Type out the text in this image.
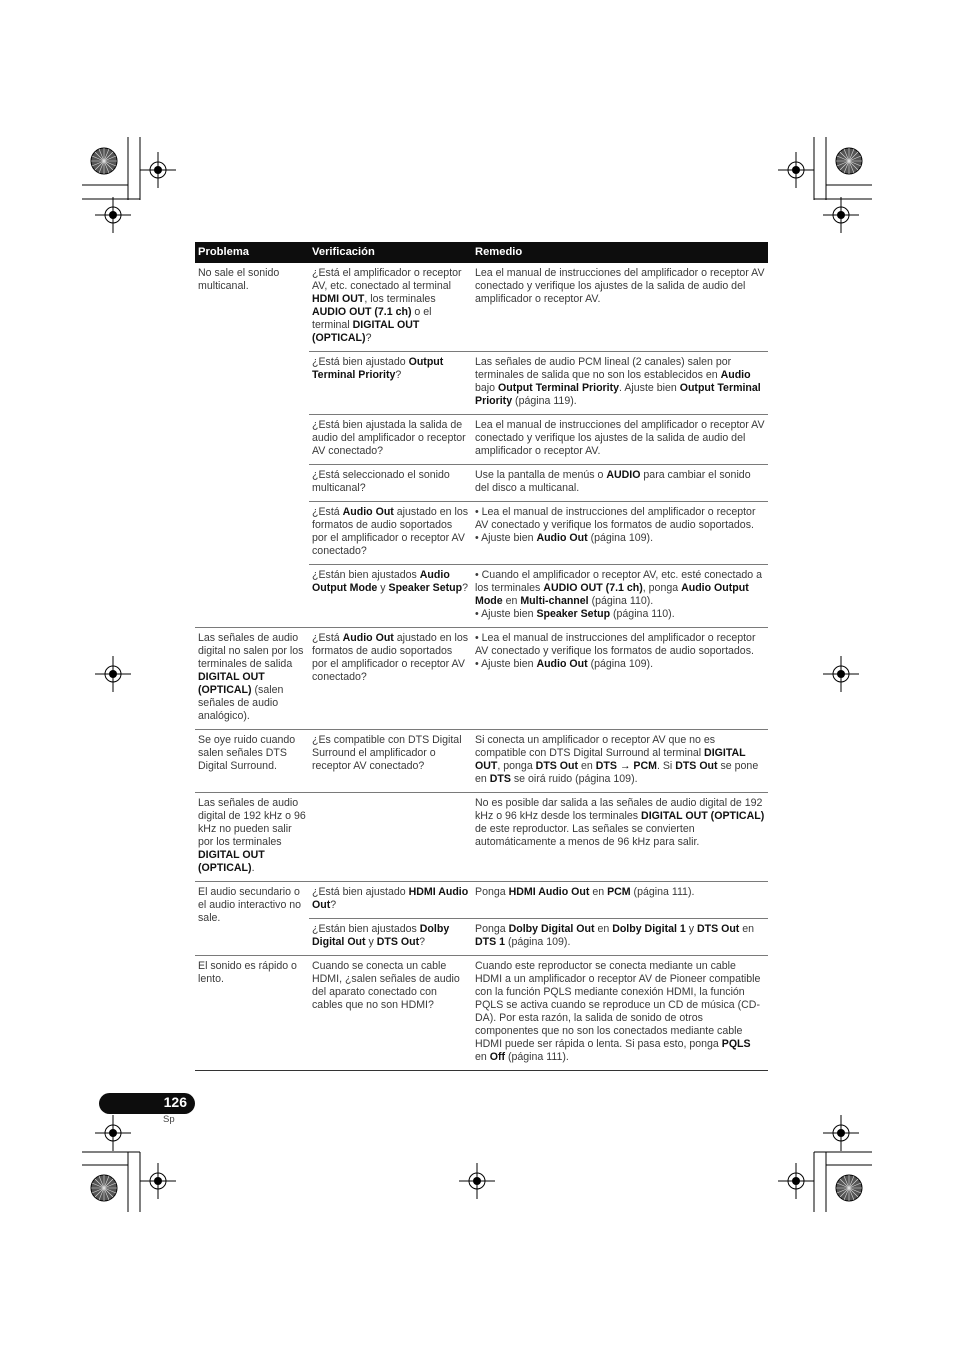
Problema	Verificación	Remedio
No sale el sonido multicanal.	¿Está el amplificador o receptor AV, etc. conectado al terminal HDMI OUT, los terminales AUDIO OUT (7.1 ch) o el terminal DIGITAL OUT (OPTICAL)?	Lea el manual de instrucciones del amplificador o receptor AV conectado y verifique los ajustes de la salida de audio del amplificador o receptor AV.
	¿Está bien ajustado Output Terminal Priority?	Las señales de audio PCM lineal (2 canales) salen por terminales de salida que no son los establecidos en Audio bajo Output Terminal Priority. Ajuste bien Output Terminal Priority (página 119).
	¿Está bien ajustada la salida de audio del amplificador o receptor AV conectado?	Lea el manual de instrucciones del amplificador o receptor AV conectado y verifique los ajustes de la salida de audio del amplificador o receptor AV.
	¿Está seleccionado el sonido multicanal?	Use la pantalla de menús o AUDIO para cambiar el sonido del disco a multicanal.
	¿Está Audio Out ajustado en los formatos de audio soportados por el amplificador o receptor AV conectado?	• Lea el manual de instrucciones del amplificador o receptor AV conectado y verifique los formatos de audio soportados.
• Ajuste bien Audio Out (página 109).

	¿Están bien ajustados Audio Output Mode y Speaker Setup?	• Cuando el amplificador o receptor AV, etc. esté conectado a los terminales AUDIO OUT (7.1 ch), ponga Audio Output Mode en Multi-channel (página 110).
• Ajuste bien Speaker Setup (página 110).

Las señales de audio digital no salen por los terminales de salida DIGITAL OUT (OPTICAL) (salen señales de audio analógico).	¿Está Audio Out ajustado en los formatos de audio soportados por el amplificador o receptor AV conectado?	• Lea el manual de instrucciones del amplificador o receptor AV conectado y verifique los formatos de audio soportados.
• Ajuste bien Audio Out (página 109).

Se oye ruido cuando salen señales DTS Digital Surround.	¿Es compatible con DTS Digital Surround el amplificador o receptor AV conectado?	Si conecta un amplificador o receptor AV que no es compatible con DTS Digital Surround al terminal DIGITAL OUT, ponga DTS Out en DTS → PCM. Si DTS Out se pone en DTS se oirá ruido (página 109).
Las señales de audio digital de 192 kHz o 96 kHz no pueden salir por los terminales DIGITAL OUT (OPTICAL).		No es posible dar salida a las señales de audio digital de 192 kHz o 96 kHz desde los terminales DIGITAL OUT (OPTICAL) de este reproductor. Las señales se convierten automáticamente a menos de 96 kHz para salir.
El audio secundario o el audio interactivo no sale.	¿Está bien ajustado HDMI Audio Out?	Ponga HDMI Audio Out en PCM (página 111).
	¿Están bien ajustados Dolby Digital Out y DTS Out?	Ponga Dolby Digital Out en Dolby Digital 1 y DTS Out en DTS 1 (página 109).
El sonido es rápido o lento.	Cuando se conecta un cable HDMI, ¿salen señales de audio del aparato conectado con cables que no son HDMI?	Cuando este reproductor se conecta mediante un cable HDMI a un amplificador o receptor AV de Pioneer compatible con la función PQLS mediante conexión HDMI, la función PQLS se activa cuando se reproduce un CD de música (CD-DA). Por esta razón, la salida de sonido de otros componentes que no son los conectados mediante cable HDMI puede ser rápida o lenta. Si pasa esto, ponga PQLS en Off (página 111).
126
Sp
